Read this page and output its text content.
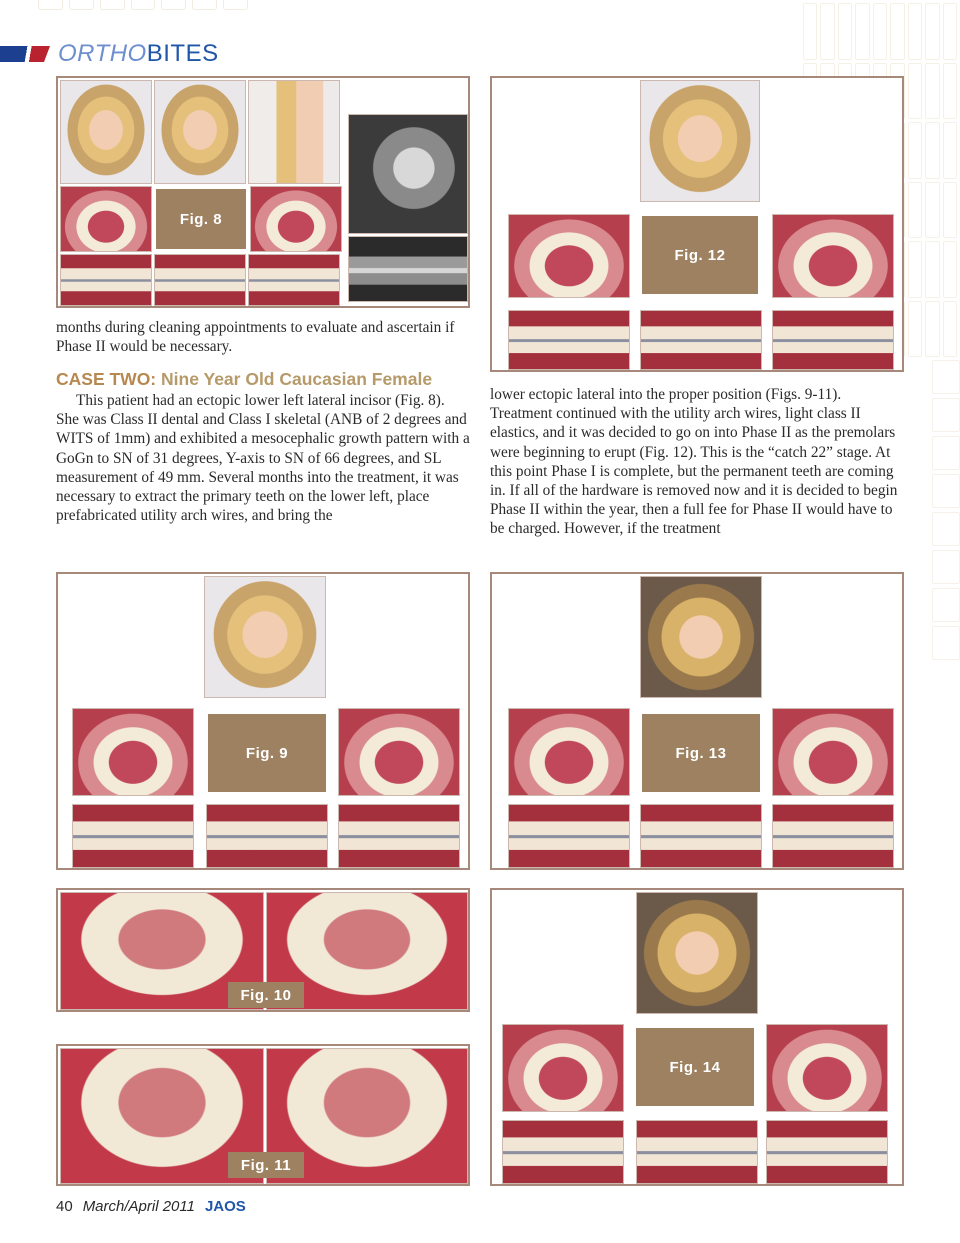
ORTHO BITES
Fig. 8
Fig. 12

months during cleaning appointments to evaluate and ascertain if Phase II would be necessary.

CASE TWO: Nine Year Old Caucasian Female

This patient had an ectopic lower left lateral incisor (Fig. 8). She was Class II dental and Class I skeletal (ANB of 2 degrees and WITS of 1mm) and exhibited a mesocephalic growth pattern with a GoGn to SN of 31 degrees, Y-axis to SN of 66 degrees, and SL measurement of 49 mm. Several months into the treatment, it was necessary to extract the primary teeth on the lower left, place prefabricated utility arch wires, and bring the

lower ectopic lateral into the proper position (Figs. 9-11). Treatment continued with the utility arch wires, light class II elastics, and it was decided to go on into Phase II as the premolars were beginning to erupt (Fig. 12). This is the “catch 22” stage. At this point Phase I is complete, but the permanent teeth are coming in. If all of the hardware is removed now and it is decided to begin Phase II within the year, then a full fee for Phase II would have to be charged. However, if the treatment

Fig. 9	Fig. 13
Fig. 10
Fig. 11
Fig. 14
40 March/April 2011 JAOS
